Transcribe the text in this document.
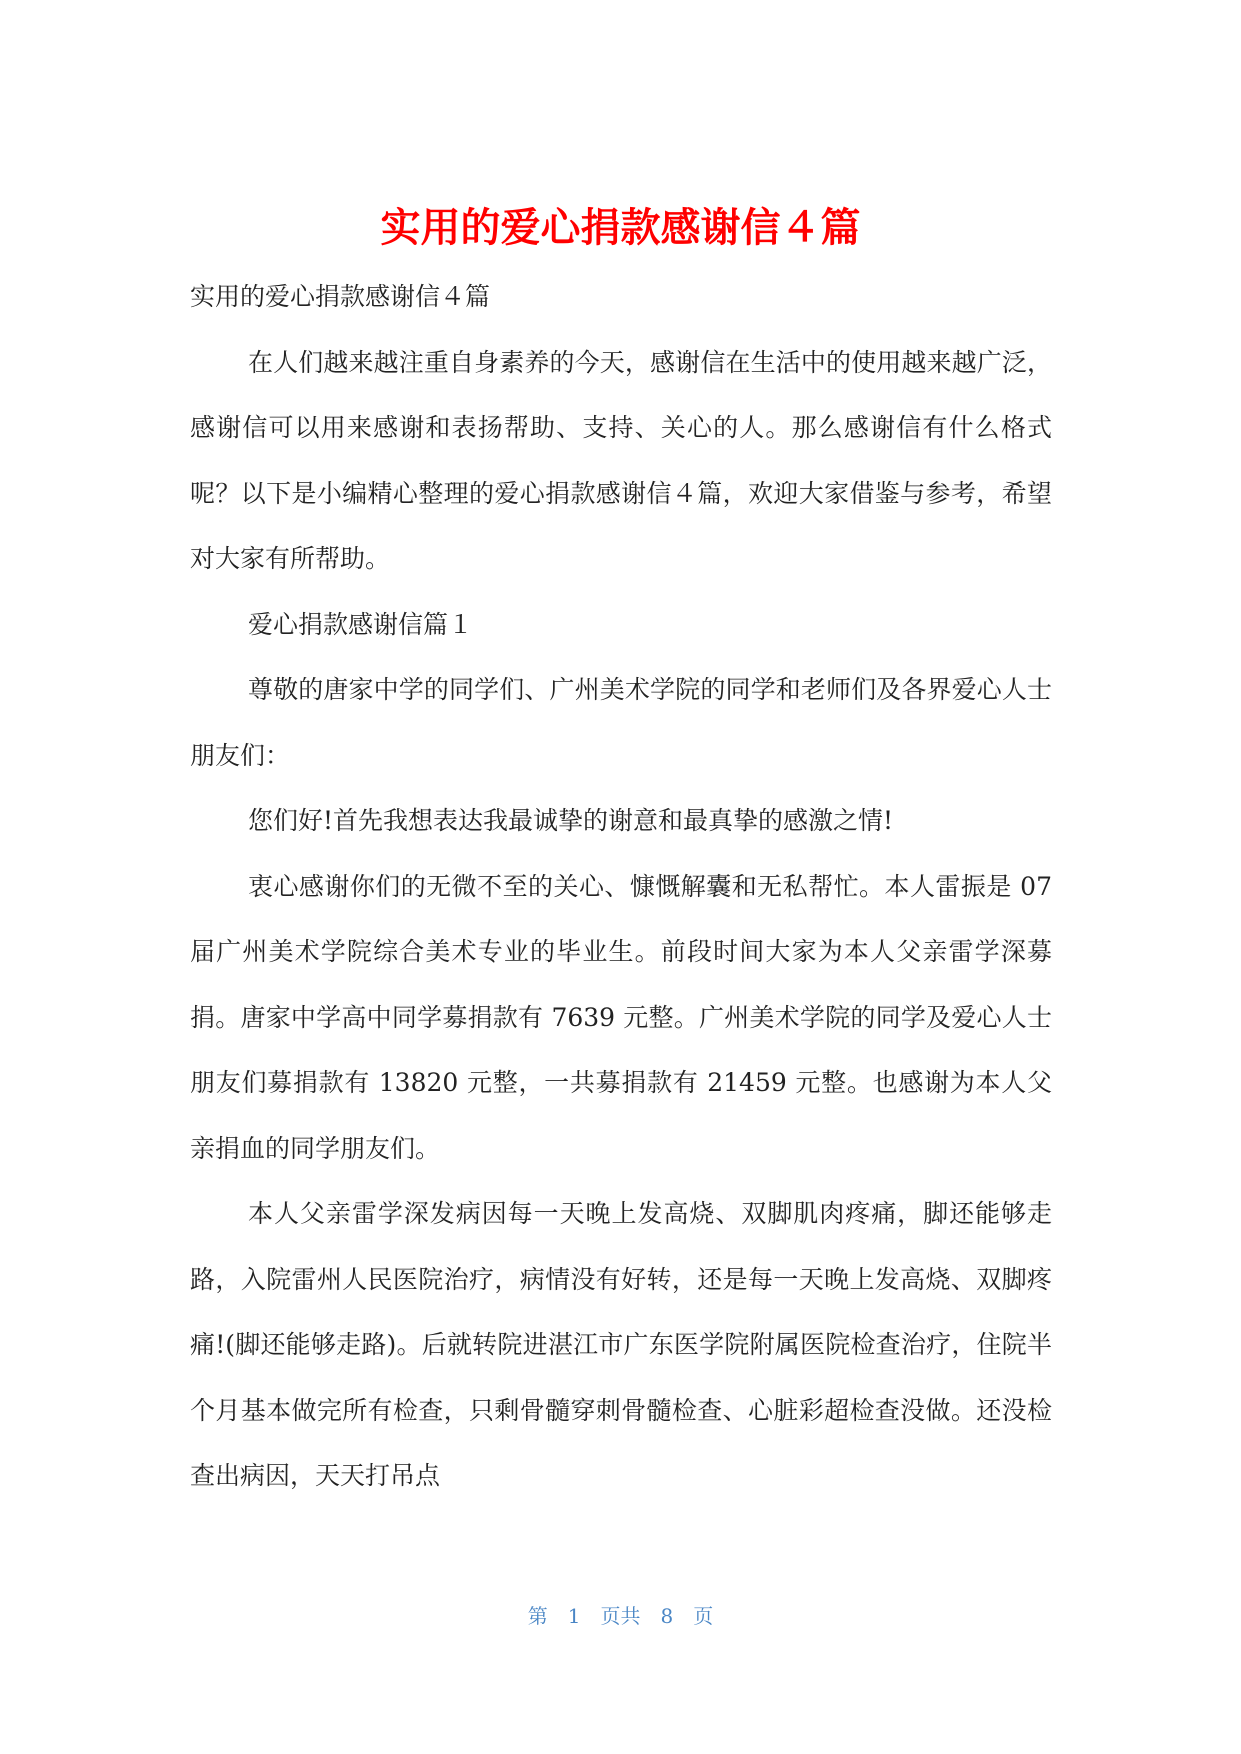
实用的爱心捐款感谢信４篇

实用的爱心捐款感谢信４篇

在人们越来越注重自身素养的今天，感谢信在生活中的使用越来越广泛，感谢信可以用来感谢和表扬帮助、支持、关心的人。那么感谢信有什么格式呢？以下是小编精心整理的爱心捐款感谢信４篇，欢迎大家借鉴与参考，希望对大家有所帮助。

爱心捐款感谢信篇１

尊敬的唐家中学的同学们、广州美术学院的同学和老师们及各界爱心人士朋友们：

您们好!首先我想表达我最诚挚的谢意和最真挚的感激之情!

衷心感谢你们的无微不至的关心、慷慨解囊和无私帮忙。本人雷振是 07 届广州美术学院综合美术专业的毕业生。前段时间大家为本人父亲雷学深募捐。唐家中学高中同学募捐款有 7639 元整。广州美术学院的同学及爱心人士朋友们募捐款有 13820 元整，一共募捐款有 21459 元整。也感谢为本人父亲捐血的同学朋友们。

本人父亲雷学深发病因每一天晚上发高烧、双脚肌肉疼痛，脚还能够走路，入院雷州人民医院治疗，病情没有好转，还是每一天晚上发高烧、双脚疼痛!(脚还能够走路)。后就转院进湛江市广东医学院附属医院检查治疗，住院半个月基本做完所有检查，只剩骨髓穿刺骨髓检查、心脏彩超检查没做。还没检查出病因，天天打吊点

第 1 页共 8 页
